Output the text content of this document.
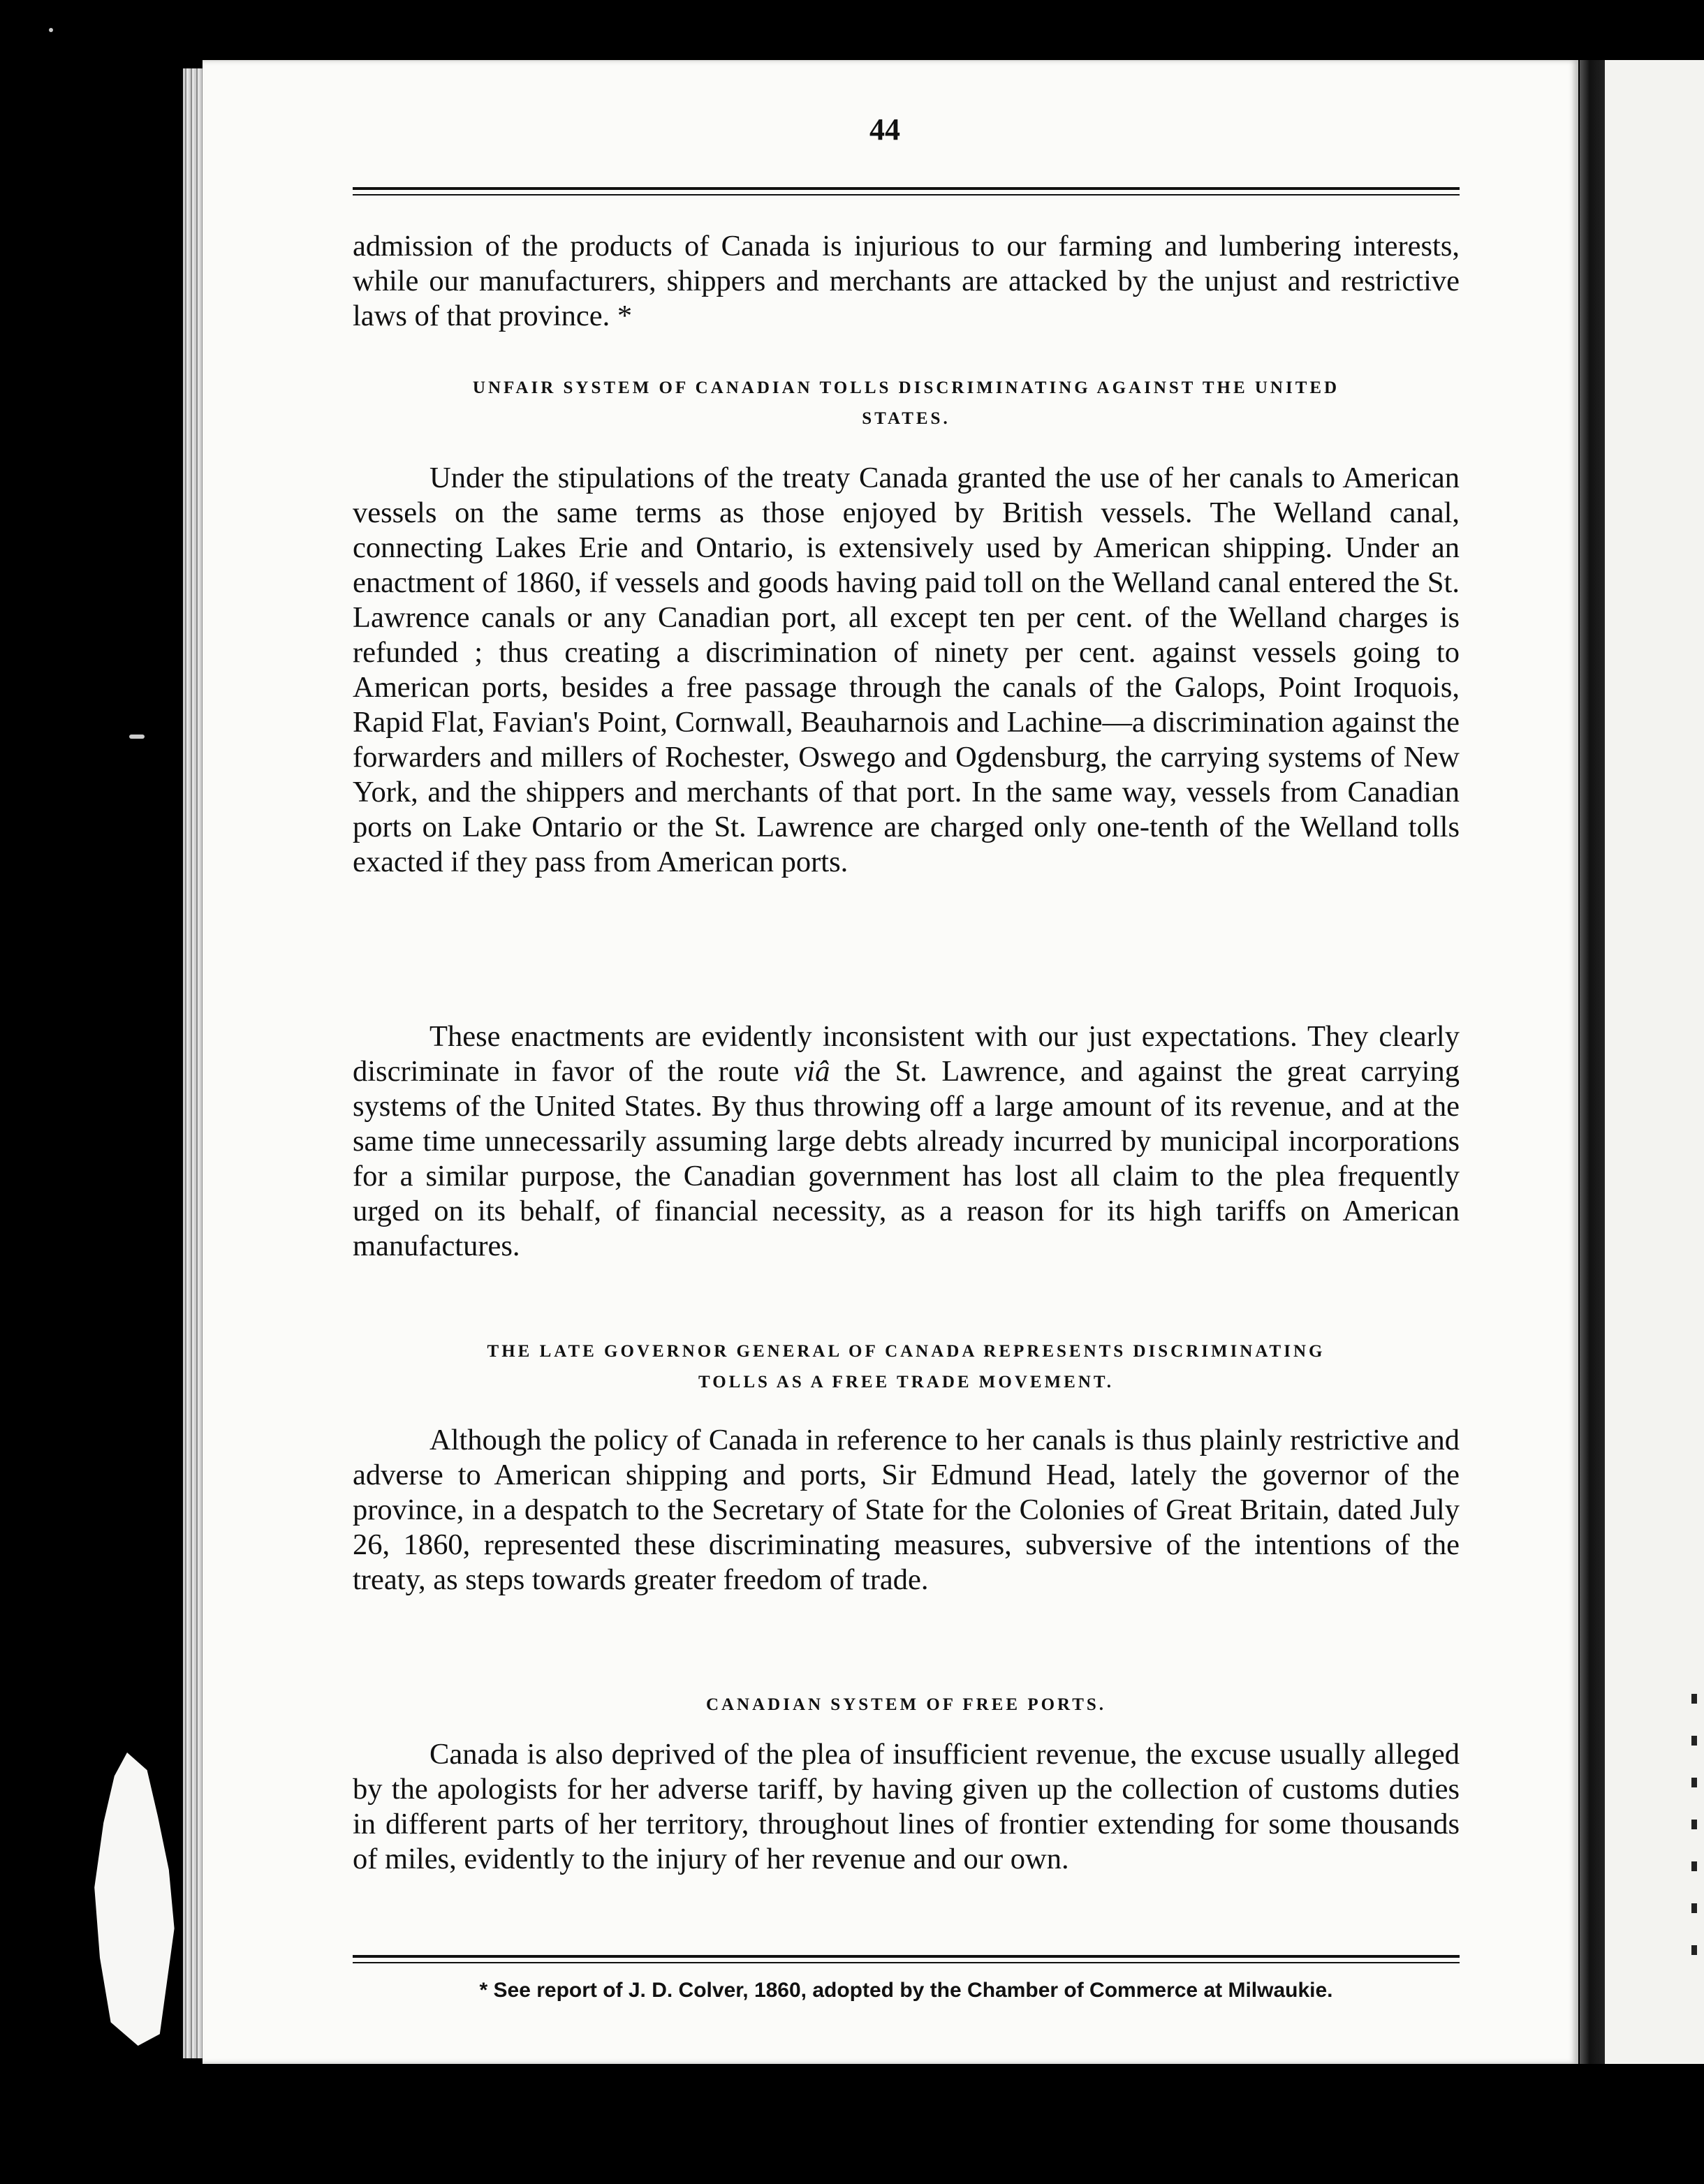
44

admission of the products of Canada is injurious to our farming and lumbering interests, while our manufacturers, shippers and merchants are attacked by the unjust and restrictive laws of that province. *

UNFAIR SYSTEM OF CANADIAN TOLLS DISCRIMINATING AGAINST THE UNITED
STATES.

Under the stipulations of the treaty Canada granted the use of her canals to American vessels on the same terms as those enjoyed by British vessels. The Welland canal, connecting Lakes Erie and Ontario, is extensively used by American shipping. Under an enactment of 1860, if vessels and goods having paid toll on the Welland canal entered the St. Lawrence canals or any Canadian port, all except ten per cent. of the Welland charges is refunded ; thus creating a discrimination of ninety per cent. against vessels going to American ports, besides a free passage through the canals of the Galops, Point Iroquois, Rapid Flat, Favian's Point, Cornwall, Beauharnois and Lachine—a discrimination against the forwarders and millers of Rochester, Oswego and Ogdensburg, the carrying systems of New York, and the shippers and merchants of that port. In the same way, vessels from Canadian ports on Lake Ontario or the St. Lawrence are charged only one-tenth of the Welland tolls exacted if they pass from American ports.

These enactments are evidently inconsistent with our just expectations. They clearly discriminate in favor of the route viâ the St. Lawrence, and against the great carrying systems of the United States. By thus throwing off a large amount of its revenue, and at the same time unnecessarily assuming large debts already incurred by municipal incorporations for a similar purpose, the Canadian government has lost all claim to the plea frequently urged on its behalf, of financial necessity, as a reason for its high tariffs on American manufactures.

THE LATE GOVERNOR GENERAL OF CANADA REPRESENTS DISCRIMINATING
TOLLS AS A FREE TRADE MOVEMENT.

Although the policy of Canada in reference to her canals is thus plainly restrictive and adverse to American shipping and ports, Sir Edmund Head, lately the governor of the province, in a despatch to the Secretary of State for the Colonies of Great Britain, dated July 26, 1860, represented these discriminating measures, subversive of the intentions of the treaty, as steps towards greater freedom of trade.

CANADIAN SYSTEM OF FREE PORTS.

Canada is also deprived of the plea of insufficient revenue, the excuse usually alleged by the apologists for her adverse tariff, by having given up the collection of customs duties in different parts of her territory, throughout lines of frontier extending for some thousands of miles, evidently to the injury of her revenue and our own.

* See report of J. D. Colver, 1860, adopted by the Chamber of Commerce at Milwaukie.
